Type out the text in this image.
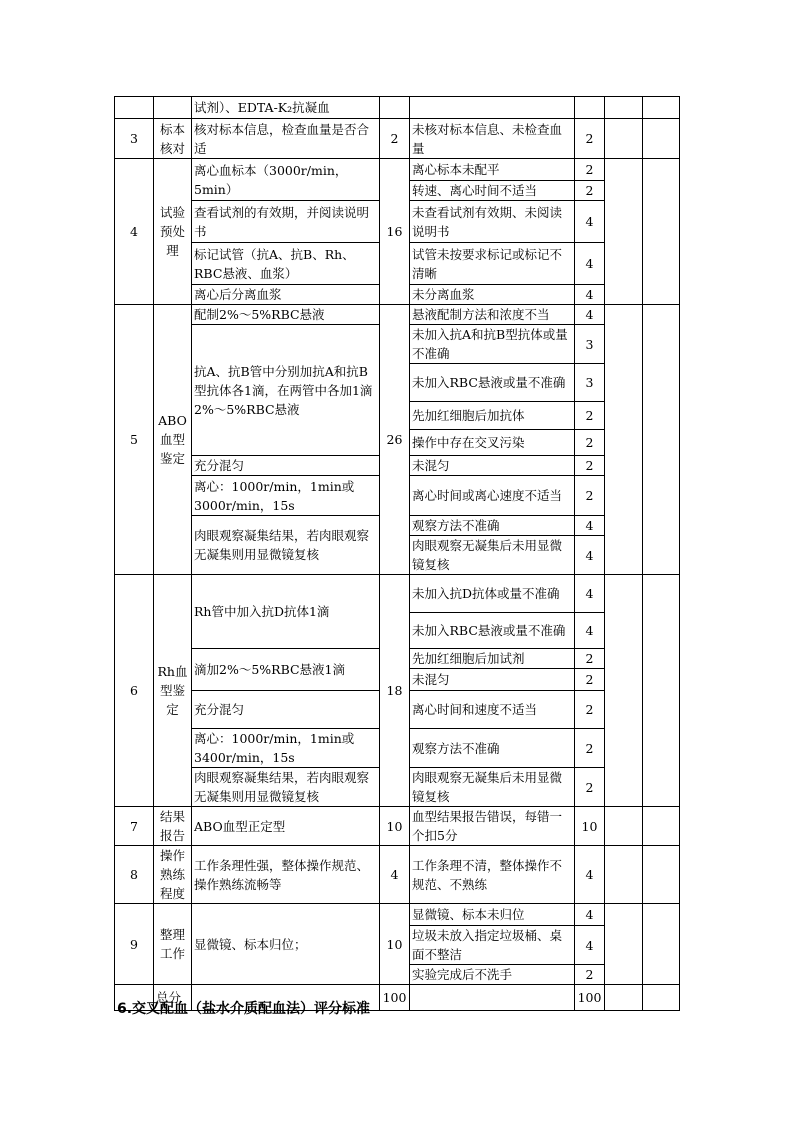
		试剂）、EDTA-K₂抗凝血					
3	标本核对	核对标本信息，检查血量是否合适	2	未核对标本信息、未检查血量	2		
4	试验预处理	离心血标本（3000r/min，5min）	16	离心标本未配平	2		
				转速、离心时间不适当	2		
		查看试剂的有效期，并阅读说明书		未查看试剂有效期、未阅读说明书	4		
		标记试管（抗A、抗B、Rh、RBC悬液、血浆）		试管未按要求标记或标记不清晰	4		
		离心后分离血浆		未分离血浆	4		
5	ABO血型鉴定	配制2%～5%RBC悬液	26	悬液配制方法和浓度不当	4		
		抗A、抗B管中分别加抗A和抗B型抗体各1滴，在两管中各加1滴2%～5%RBC悬液		未加入抗A和抗B型抗体或量不准确	3		
				未加入RBC悬液或量不准确	3		
				先加红细胞后加抗体	2		
				操作中存在交叉污染	2		
		充分混匀		未混匀	2		
		离心：1000r/min，1min或3000r/min，15s		离心时间或离心速度不适当	2		
		肉眼观察凝集结果，若肉眼观察无凝集则用显微镜复核		观察方法不准确	4		
				肉眼观察无凝集后未用显微镜复核	4		
6	Rh血型鉴定	Rh管中加入抗D抗体1滴	18	未加入抗D抗体或量不准确	4		
				未加入RBC悬液或量不准确	4		
		滴加2%～5%RBC悬液1滴		先加红细胞后加试剂	2		
				未混匀	2		
		充分混匀		离心时间和速度不适当	2		
		离心：1000r/min，1min或3400r/min，15s		观察方法不准确	2		
		肉眼观察凝集结果，若肉眼观察无凝集则用显微镜复核		肉眼观察无凝集后未用显微镜复核	2		
7	结果报告	ABO血型正定型	10	血型结果报告错误，每错一个扣5分	10		
8	操作熟练程度	工作条理性强，整体操作规范、操作熟练流畅等	4	工作条理不清，整体操作不规范、不熟练	4		
9	整理工作	显微镜、标本归位；	10	显微镜、标本未归位	4		
				垃圾未放入指定垃圾桶、桌面不整洁	4		
				实验完成后不洗手	2		
	总分		100		100		
6.交叉配血（盐水介质配血法）评分标准
